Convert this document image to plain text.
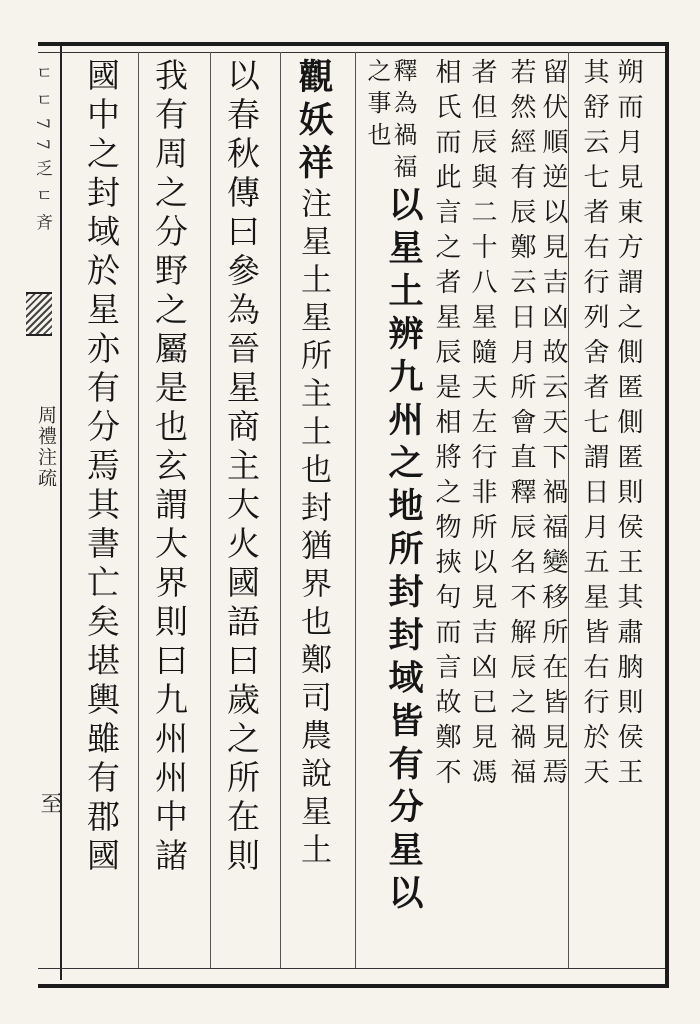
ㄷㄷ77乏ㄷ斉
周禮注疏
至
朔而月見東方謂之側匿側匿則侯王其肅朒則侯王
其舒云七者右行列舍者七謂日月五星皆右行於天
留伏順逆以見吉凶故云天下禍福變移所在皆見焉
若然經有辰鄭云日月所會直釋辰名不解辰之禍福
者但辰與二十八星隨天左行非所以見吉凶已見馮
相氏而此言之者星辰是相將之物挾句而言故鄭不
釋為禍福以星土辨九州之地所封封域皆有分星以
之事也
觀妖祥注星土星所主土也封猶界也鄭司農說星土
以春秋傳曰參為晉星商主大火國語曰歲之所在則
我有周之分野之屬是也玄謂大界則曰九州州中諸
國中之封域於星亦有分焉其書亡矣堪輿雖有郡國
